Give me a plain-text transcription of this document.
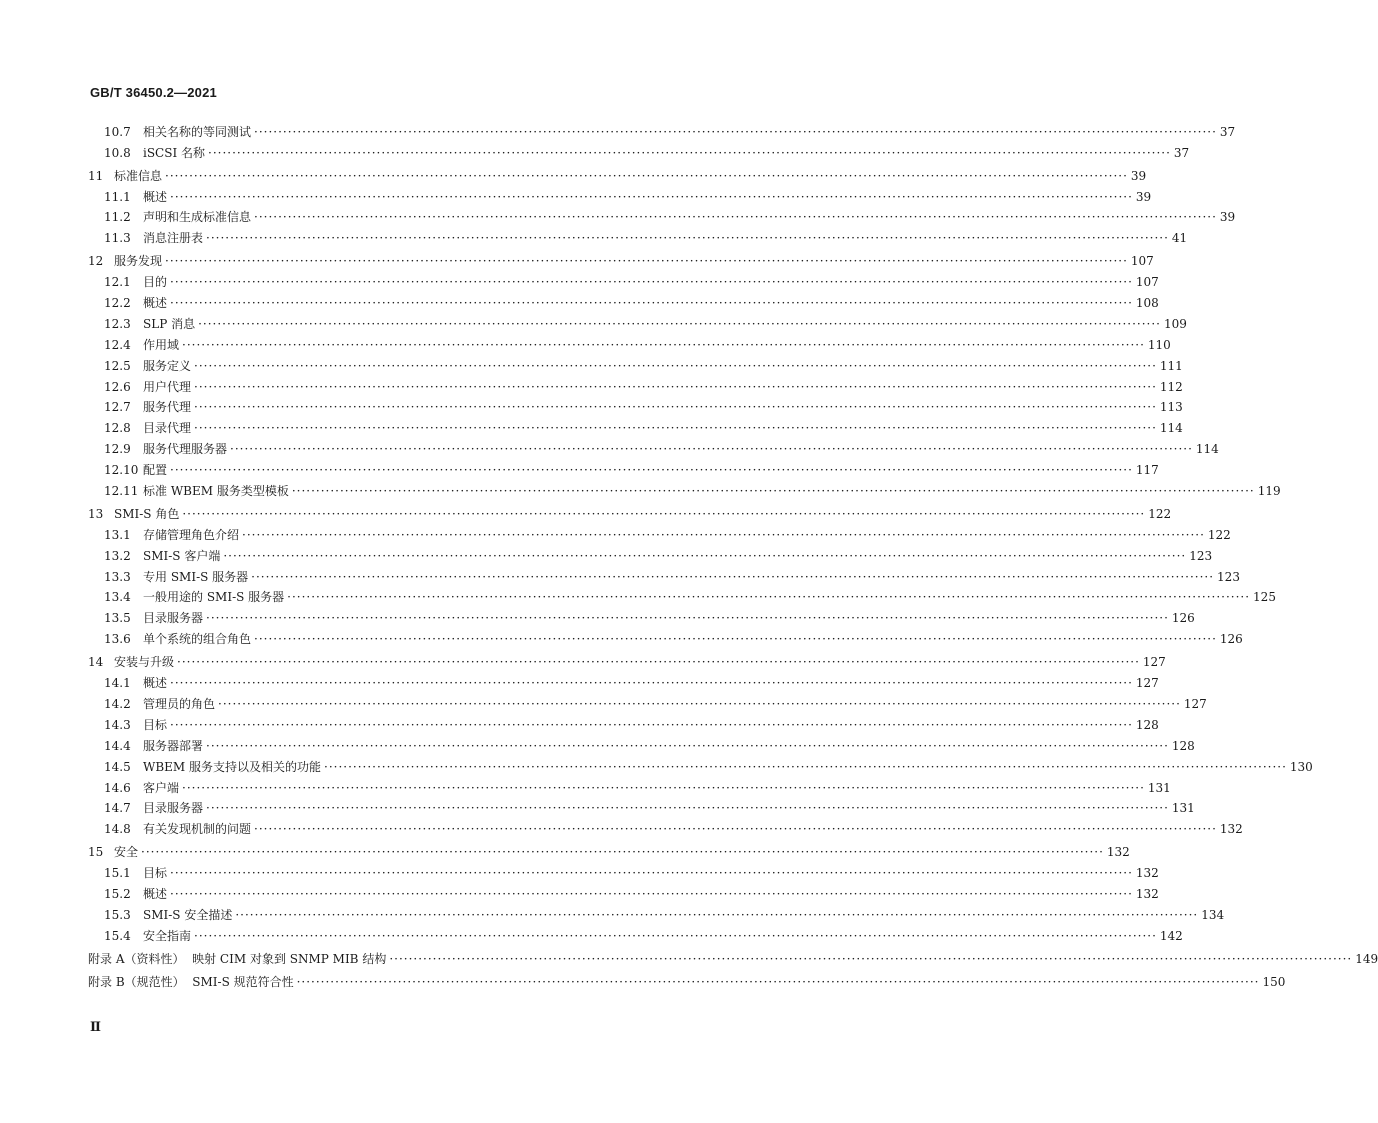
GB/T 36450.2—2021
10.7	相关名称的等同测试 ········································································································································································································ 37
10.8	iSCSI 名称 ········································································································································································································ 37
11 标准信息 ········································································································································································································ 39
11.1	概述 ········································································································································································································ 39
11.2	声明和生成标准信息 ········································································································································································································ 39
11.3	消息注册表 ········································································································································································································ 41
12 服务发现 ········································································································································································································ 107
12.1	目的 ········································································································································································································ 107
12.2	概述 ········································································································································································································ 108
12.3	SLP 消息 ········································································································································································································ 109
12.4	作用域 ········································································································································································································ 110
12.5	服务定义 ········································································································································································································ 111
12.6	用户代理 ········································································································································································································ 112
12.7	服务代理 ········································································································································································································ 113
12.8	目录代理 ········································································································································································································ 114
12.9	服务代理服务器 ········································································································································································································ 114
12.10 配置 ········································································································································································································ 117
12.11 标准 WBEM 服务类型模板 ········································································································································································································ 119
13 SMI-S 角色 ········································································································································································································ 122
13.1	存储管理角色介绍 ········································································································································································································ 122
13.2	SMI-S 客户端 ········································································································································································································ 123
13.3	专用 SMI-S 服务器 ········································································································································································································ 123
13.4	一般用途的 SMI-S 服务器 ········································································································································································································ 125
13.5	目录服务器 ········································································································································································································ 126
13.6	单个系统的组合角色 ········································································································································································································ 126
14 安装与升级 ········································································································································································································ 127
14.1	概述 ········································································································································································································ 127
14.2	管理员的角色 ········································································································································································································ 127
14.3	目标 ········································································································································································································ 128
14.4	服务器部署 ········································································································································································································ 128
14.5	WBEM 服务支持以及相关的功能 ········································································································································································································ 130
14.6	客户端 ········································································································································································································ 131
14.7	目录服务器 ········································································································································································································ 131
14.8	有关发现机制的问题 ········································································································································································································ 132
15 安全 ········································································································································································································ 132
15.1	目标 ········································································································································································································ 132
15.2	概述 ········································································································································································································ 132
15.3	SMI-S 安全描述 ········································································································································································································ 134
15.4	安全指南 ········································································································································································································ 142
附录 A（资料性）  映射 CIM 对象到 SNMP MIB 结构 ········································································································································································································ 149
附录 B（规范性）  SMI-S 规范符合性 ········································································································································································································ 150
Ⅱ
